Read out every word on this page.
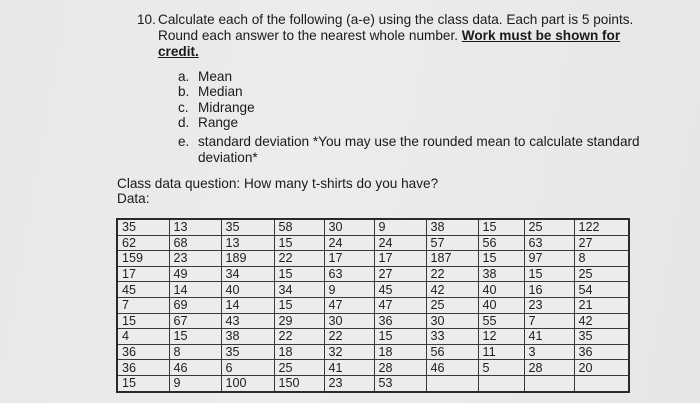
10. Calculate each of the following (a-e) using the class data. Each part is 5 points.
Round each answer to the nearest whole number. Work must be shown for
credit.
a. Mean
b. Median
c. Midrange
d. Range
e. standard deviation *You may use the rounded mean to calculate standard
deviation*
Class data question: How many t-shirts do you have?
Data:
35	13	35	58	30	9	38	15	25	122
62	68	13	15	24	24	57	56	63	27
159	23	189	22	17	17	187	15	97	8
17	49	34	15	63	27	22	38	15	25
45	14	40	34	9	45	42	40	16	54
7	69	14	15	47	47	25	40	23	21
15	67	43	29	30	36	30	55	7	42
4	15	38	22	22	15	33	12	41	35
36	8	35	18	32	18	56	11	3	36
36	46	6	25	41	28	46	5	28	20
15	9	100	150	23	53				
